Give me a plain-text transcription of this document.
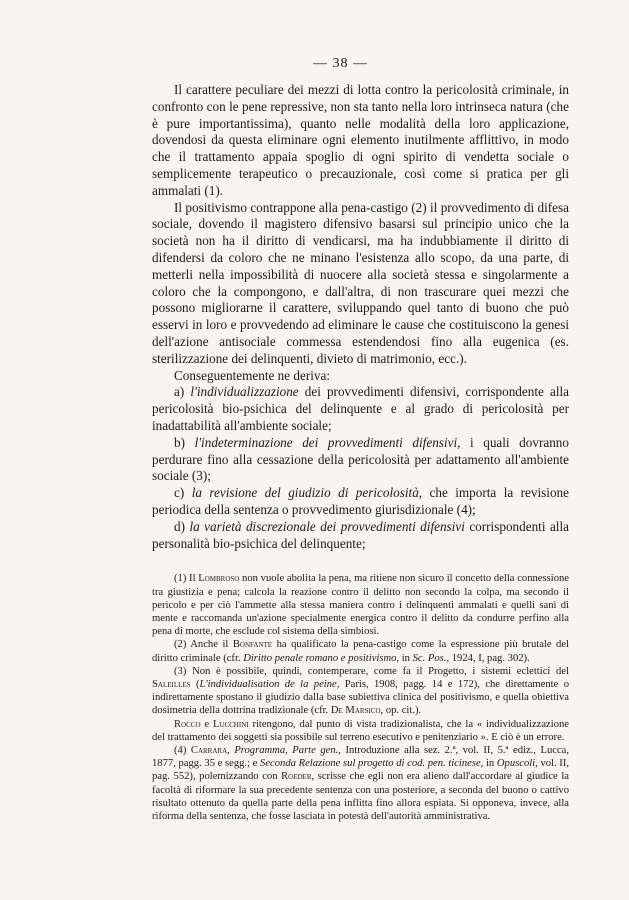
— 38 —

Il carattere peculiare dei mezzi di lotta contro la pericolosità criminale, in confronto con le pene repressive, non sta tanto nella loro intrinseca natura (che è pure importantissima), quanto nelle modalità della loro applicazione, dovendosi da questa eliminare ogni elemento inutilmente afflittivo, in modo che il trattamento appaia spoglio di ogni spirito di vendetta sociale o semplicemente terapeutico o precauzionale, così come si pratica per gli ammalati (1).

Il positivismo contrappone alla pena-castigo (2) il provvedimento di difesa sociale, dovendo il magistero difensivo basarsi sul principio unico che la società non ha il diritto di vendicarsi, ma ha indubbiamente il diritto di difendersi da coloro che ne minano l'esistenza allo scopo, da una parte, di metterli nella impossibilità di nuocere alla società stessa e singolarmente a coloro che la compongono, e dall'altra, di non trascurare quei mezzi che possono migliorarne il carattere, sviluppando quel tanto di buono che può esservi in loro e provvedendo ad eliminare le cause che costituiscono la genesi dell'azione antisociale commessa estendendosi fino alla eugenica (es. sterilizzazione dei delinquenti, divieto di matrimonio, ecc.).

Conseguentemente ne deriva:

a) l'individualizzazione dei provvedimenti difensivi, corrispondente alla pericolosità bio-psichica del delinquente e al grado di pericolosità per inadattabilità all'ambiente sociale;

b) l'indeterminazione dei provvedimenti difensivi, i quali dovranno perdurare fino alla cessazione della pericolosità per adattamento all'ambiente sociale (3);

c) la revisione del giudizio di pericolosità, che importa la revisione periodica della sentenza o provvedimento giurisdizionale (4);

d) la varietà discrezionale dei provvedimenti difensivi corrispondenti alla personalità bio-psichica del delinquente;

(1) Il Lombroso non vuole abolita la pena, ma ritiene non sicuro il concetto della connessione tra giustizia e pena; calcola la reazione contro il delitto non secondo la colpa, ma secondo il pericolo e per ciò l'ammette alla stessa maniera contro i delinquenti ammalati e quelli sani di mente e raccomanda un'azione specialmente energica contro il delitto da condurre perfino alla pena di morte, che esclude col sistema della simbiosi.

(2) Anche il Bonfante ha qualificato la pena-castigo come la espressione più brutale del diritto criminale (cfr. Diritto penale romano e positivismo, in Sc. Pos., 1924, I, pag. 302).

(3) Non è possibile, quindi, contemperare, come fa il Progetto, i sistemi eclettici del Saleilles (L'individualisation de la peine, Paris, 1908, pagg. 14 e 172), che direttamente o indirettamente spostano il giudizio dalla base subiettiva clinica del positivismo, e quella obiettiva dosimetria della dottrina tradizionale (cfr. De Marsico, op. cit.).

Rocco e Lucchini ritengono, dal punto di vista tradizionalista, che la « individualizzazione del trattamento dei soggetti sia possibile sul terreno esecutivo e penitenziario ». E ciò è un errore.

(4) Carrara, Programma, Parte gen., Introduzione alla sez. 2.ª, vol. II, 5.ª ediz., Lucca, 1877, pagg. 35 e segg.; e Seconda Relazione sul progetto di cod. pen. ticinese, in Opuscoli, vol. II, pag. 552), polemizzando con Roeder, scrisse che egli non era alieno dall'accordare al giudice la facoltà di riformare la sua precedente sentenza con una posteriore, a seconda del buono o cattivo risultato ottenuto da quella parte della pena inflitta fino allora espiata. Si opponeva, invece, alla riforma della sentenza, che fosse lasciata in potestà dell'autorità amministrativa.
